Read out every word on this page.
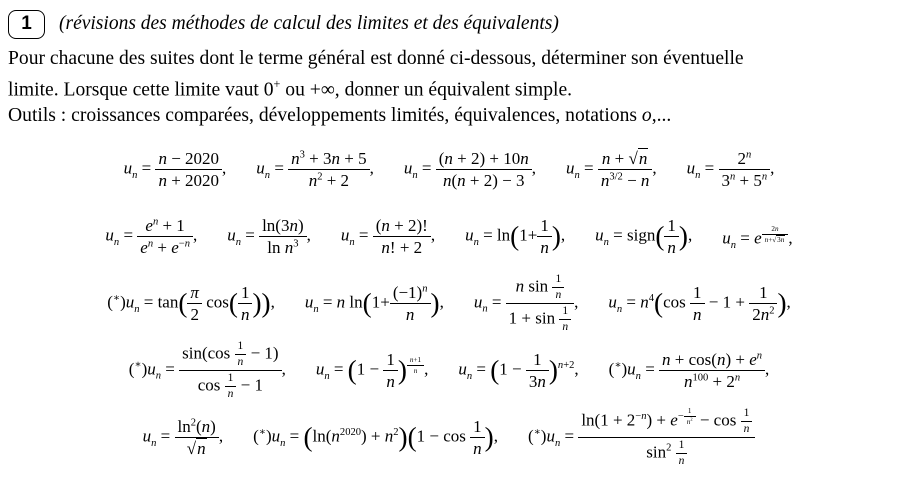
1	(révisions des méthodes de calcul des limites et des équivalents)
Pour chacune des suites dont le terme général est donné ci-dessous, déterminer son éventuelle
limite. Lorsque cette limite vaut 0+ ou +∞, donner un équivalent simple.
Outils : croissances comparées, développements limités, équivalences, notations o,...
$u_n = \frac{n - 2020}{n + 2020}$ , $u_n = \frac{n^3 + 3n + 5}{n^2 + 2}$ , $u_n = \frac{(n + 2) + 10n}{n(n + 2) - 3}$ , $u_n = \frac{n + √n}{n^{3/2} - n}$ , $u_n = \frac{2^n}{3^n + 5^n}$ ,
$u_n = \frac{e^n + 1}{e^n + e^{-n}}$ , $u_n = \frac{\ln(3n)}{\ln n^3}$ , $u_n = \frac{(n + 2)!}{n! + 2}$ , $u_n = \ln(1+ \frac{1}{n}$ ), $u_n$ = sign( $\frac{1}{n}$ ), $u_n = e$ $^{\frac{2n}{n+√3n}}$ ,
$(^∗)u_n = \tan( \frac{\pi}{2} \cos( \frac{1}{n}$ )), $u_n = n$ $\ln(1+ \frac{(-1)^n}{n}$ ), $u_n = \frac{n \sin \frac{1}{n}}{1 + \sin \frac{1}{n}}$ , $u_n = n^4(\cos \frac{1}{n} - 1 + \frac{1}{2n^2}$ ),
$(^∗)u_n = \frac{\sin(\cos \frac{1}{n} - 1)}{\cos \frac{1}{n} - 1}$ , $u_n = (1 - \frac{1}{n}$ ) $^{\frac{n+1}{n}}$ , $u_n = (1 - \frac{1}{3n} )^{n+2}$, $(^∗)u_n = \frac{n + \cos(n) + e^n}{n^{100} + 2^n}$ ,
$u_n = \frac{\ln^2(n)}{√n}$ , $(^∗)u_n = (\ln(n^{2020}) + n^2)(1 - \cos \frac{1}{n}$ ), $(^∗)u_n = \ln(1 + 2^{-n}) + e^{- \frac{1}{n^2}} - \cos \frac{1}{n}$
$\sin^2 \frac{1}{n}$
